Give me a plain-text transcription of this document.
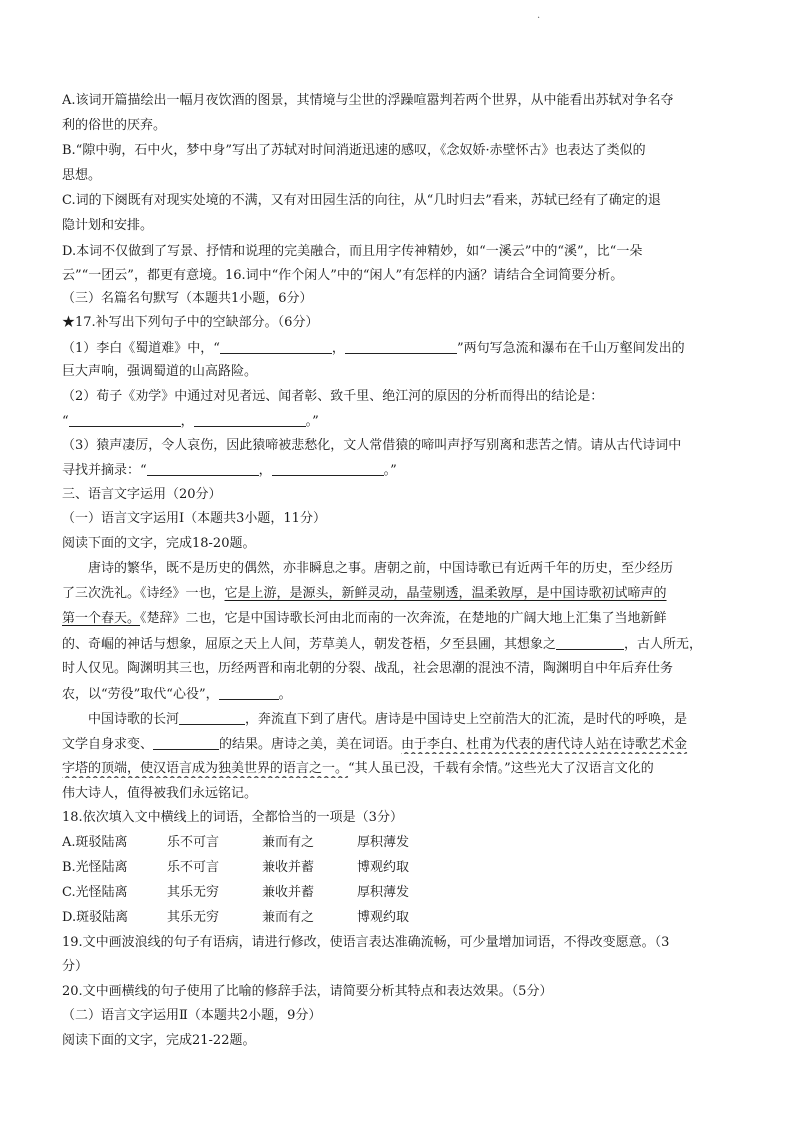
.
A.该词开篇描绘出一幅月夜饮酒的图景，其情境与尘世的浮躁喧嚣判若两个世界，从中能看出苏轼对争名夺
利的俗世的厌弃。
B.“隙中驹，石中火，梦中身”写出了苏轼对时间消逝迅速的感叹，《念奴娇·赤壁怀古》也表达了类似的
思想。
C.词的下阕既有对现实处境的不满，又有对田园生活的向往，从“几时归去”看来，苏轼已经有了确定的退
隐计划和安排。
D.本词不仅做到了写景、抒情和说理的完美融合，而且用字传神精妙，如“一溪云”中的“溪”，比“一朵
云”“一团云”，都更有意境。16.词中“作个闲人”中的“闲人”有怎样的内涵？请结合全词简要分析。
（三）名篇名句默写（本题共1小题，6分）
★17.补写出下列句子中的空缺部分。（6分）
（1）李白《蜀道难》中，“	，	”两句写急流和瀑布在千山万壑间发出的
巨大声响，强调蜀道的山高路险。
（2）荀子《劝学》中通过对见者远、闻者彰、致千里、绝江河的原因的分析而得出的结论是：
“	，	。”
（3）猿声凄厉，令人哀伤，因此猿啼被悲愁化，文人常借猿的啼叫声抒写别离和悲苦之情。请从古代诗词中
寻找并摘录：“	，	。”
三、语言文字运用（20分）
（一）语言文字运用Ⅰ（本题共3小题，11分）
阅读下面的文字，完成18-20题。
唐诗的繁华，既不是历史的偶然，亦非瞬息之事。唐朝之前，中国诗歌已有近两千年的历史，至少经历
了三次洗礼。《诗经》一也，它是上游，是源头，新鲜灵动，晶莹剔透，温柔敦厚，是中国诗歌初试啼声的
第一个春天。《楚辞》二也，它是中国诗歌长河由北而南的一次奔流，在楚地的广阔大地上汇集了当地新鲜
的、奇崛的神话与想象，屈原之天上人间，芳草美人，朝发苍梧，夕至县圃，其想象之	，古人所无，
时人仅见。陶渊明其三也，历经两晋和南北朝的分裂、战乱，社会思潮的混浊不清，陶渊明自中年后弃仕务
农，以“劳役”取代“心役”，	。
中国诗歌的长河	，奔流直下到了唐代。唐诗是中国诗史上空前浩大的汇流，是时代的呼唤，是
文学自身求变、	的结果。唐诗之美，美在词语。由于李白、杜甫为代表的唐代诗人站在诗歌艺术金
字塔的顶端，使汉语言成为独美世界的语言之一。“其人虽已没，千载有余情。”这些光大了汉语言文化的
伟大诗人，值得被我们永远铭记。
18.依次填入文中横线上的词语，全都恰当的一项是（3分）
A.斑驳陆离	乐不可言	兼而有之	厚积薄发
B.光怪陆离	乐不可言	兼收并蓄	博观约取
C.光怪陆离	其乐无穷	兼收并蓄	厚积薄发
D.斑驳陆离	其乐无穷	兼而有之	博观约取
19.文中画波浪线的句子有语病，请进行修改，使语言表达准确流畅，可少量增加词语，不得改变愿意。（3
分）
20.文中画横线的句子使用了比喻的修辞手法，请简要分析其特点和表达效果。（5分）
（二）语言文字运用Ⅱ（本题共2小题，9分）
阅读下面的文字，完成21-22题。
